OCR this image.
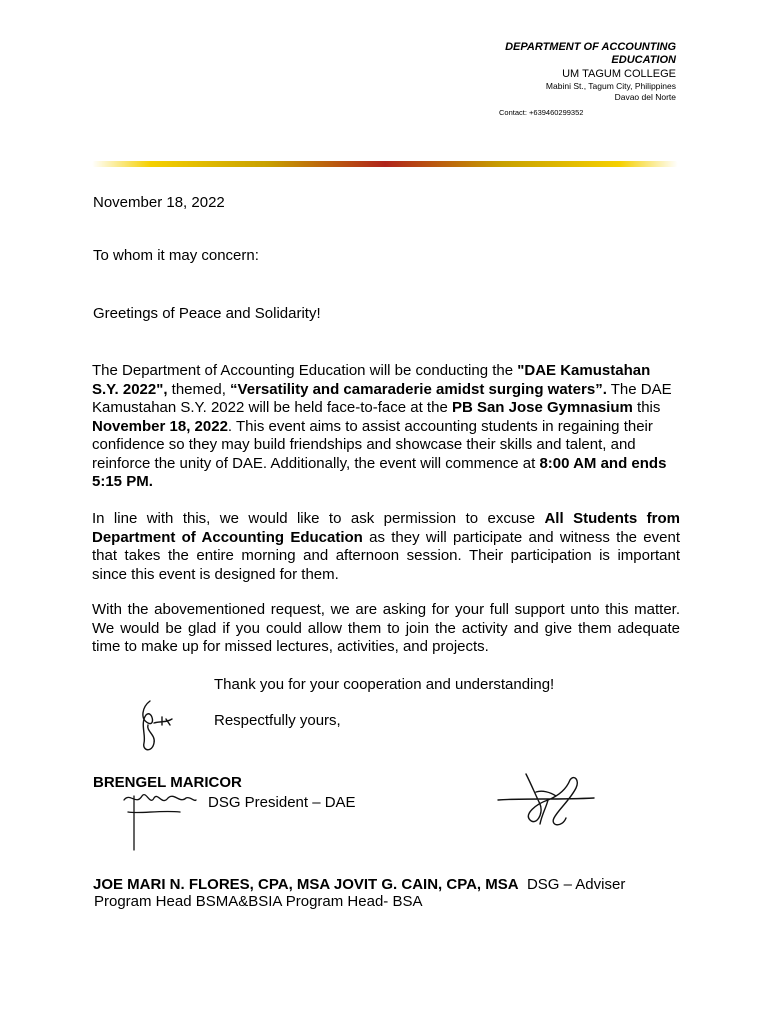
DEPARTMENT OF ACCOUNTING EDUCATION
UM TAGUM COLLEGE
Mabini St., Tagum City, Philippines
Davao del Norte
Contact: +639460299352
November 18, 2022
To whom it may concern:
Greetings of Peace and Solidarity!
The Department of Accounting Education will be conducting the "DAE Kamustahan S.Y. 2022", themed, “Versatility and camaraderie amidst surging waters”. The DAE Kamustahan S.Y. 2022 will be held face-to-face at the PB San Jose Gymnasium this November 18, 2022. This event aims to assist accounting students in regaining their confidence so they may build friendships and showcase their skills and talent, and reinforce the unity of DAE. Additionally, the event will commence at 8:00 AM and ends 5:15 PM.
In line with this, we would like to ask permission to excuse All Students from Department of Accounting Education as they will participate and witness the event that takes the entire morning and afternoon session. Their participation is important since this event is designed for them.
With the abovementioned request, we are asking for your full support unto this matter. We would be glad if you could allow them to join the activity and give them adequate time to make up for missed lectures, activities, and projects.
Thank you for your cooperation and understanding!
Respectfully yours,
BRENGEL MARICOR
DSG President – DAE
JOE MARI N. FLORES, CPA, MSA JOVIT G. CAIN, CPA, MSA DSG – Adviser
Program Head BSMA&BSIA Program Head- BSA
